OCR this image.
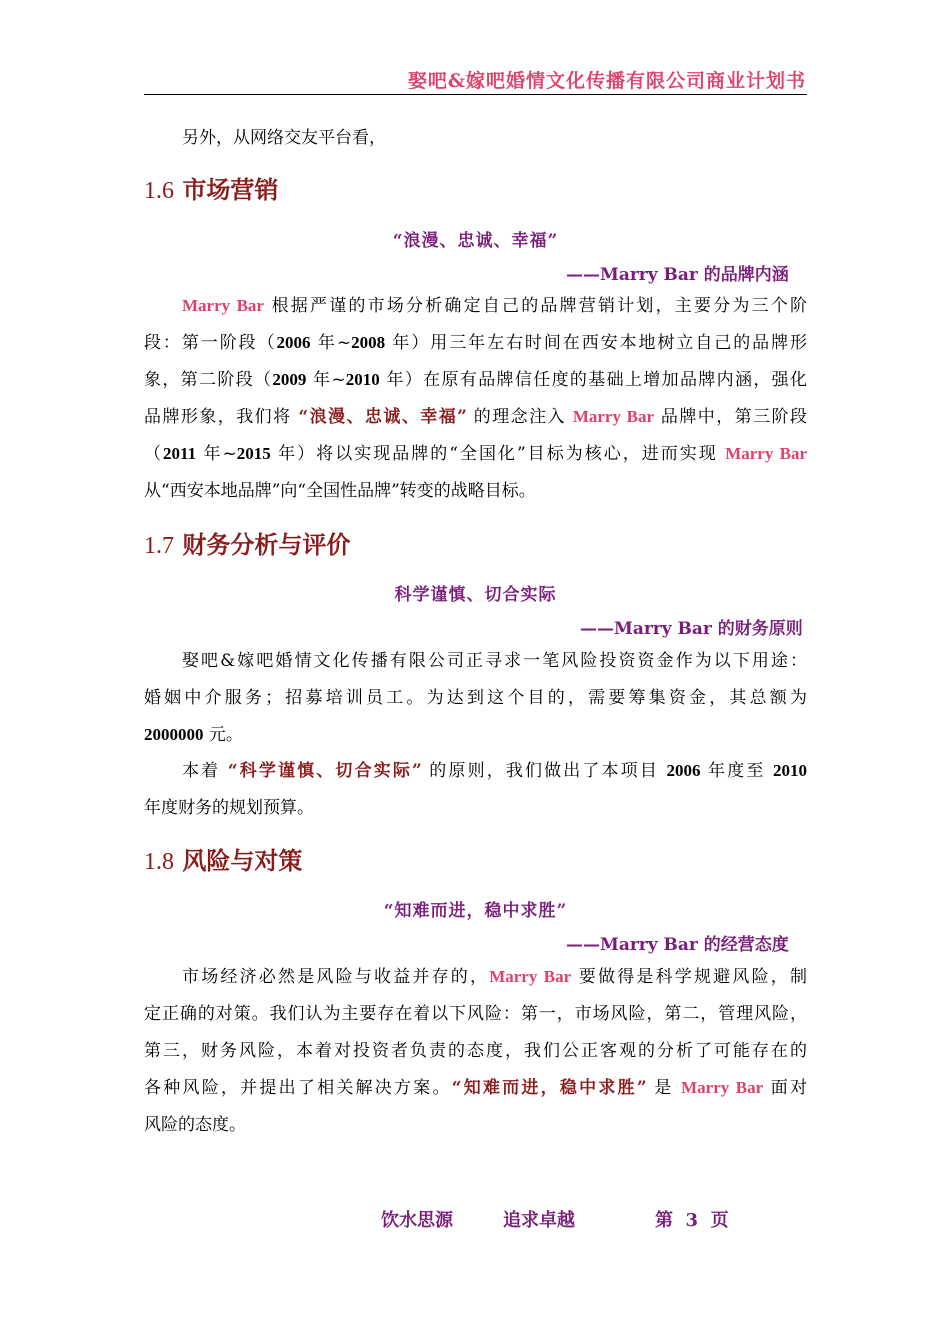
娶吧&嫁吧婚情文化传播有限公司商业计划书
另外，从网络交友平台看，
1.6 市场营销
“浪漫、忠诚、幸福”
——Marry Bar 的品牌内涵
Marry Bar 根据严谨的市场分析确定自己的品牌营销计划，主要分为三个阶
段：第一阶段（2006 年~2008 年）用三年左右时间在西安本地树立自己的品牌形
象，第二阶段（2009 年~2010 年）在原有品牌信任度的基础上增加品牌内涵，强化
品牌形象，我们将 “浪漫、忠诚、幸福” 的理念注入 Marry Bar 品牌中，第三阶段
（2011 年~2015 年）将以实现品牌的“全国化”目标为核心，进而实现 Marry Bar
从“西安本地品牌”向“全国性品牌”转变的战略目标。
1.7 财务分析与评价
科学谨慎、切合实际
——Marry Bar 的财务原则
娶吧&嫁吧婚情文化传播有限公司正寻求一笔风险投资资金作为以下用途：
婚姻中介服务；招募培训员工。为达到这个目的，需要筹集资金，其总额为
2000000 元。
本着 “科学谨慎、切合实际” 的原则，我们做出了本项目 2006 年度至 2010
年度财务的规划预算。
1.8 风险与对策
“知难而进，稳中求胜”
——Marry Bar 的经营态度
市场经济必然是风险与收益并存的，Marry Bar 要做得是科学规避风险，制
定正确的对策。我们认为主要存在着以下风险：第一，市场风险，第二，管理风险，
第三，财务风险，本着对投资者负责的态度，我们公正客观的分析了可能存在的
各种风险，并提出了相关解决方案。“知难而进，稳中求胜” 是 Marry Bar 面对
风险的态度。
饮水思源	追求卓越	第  3  页
